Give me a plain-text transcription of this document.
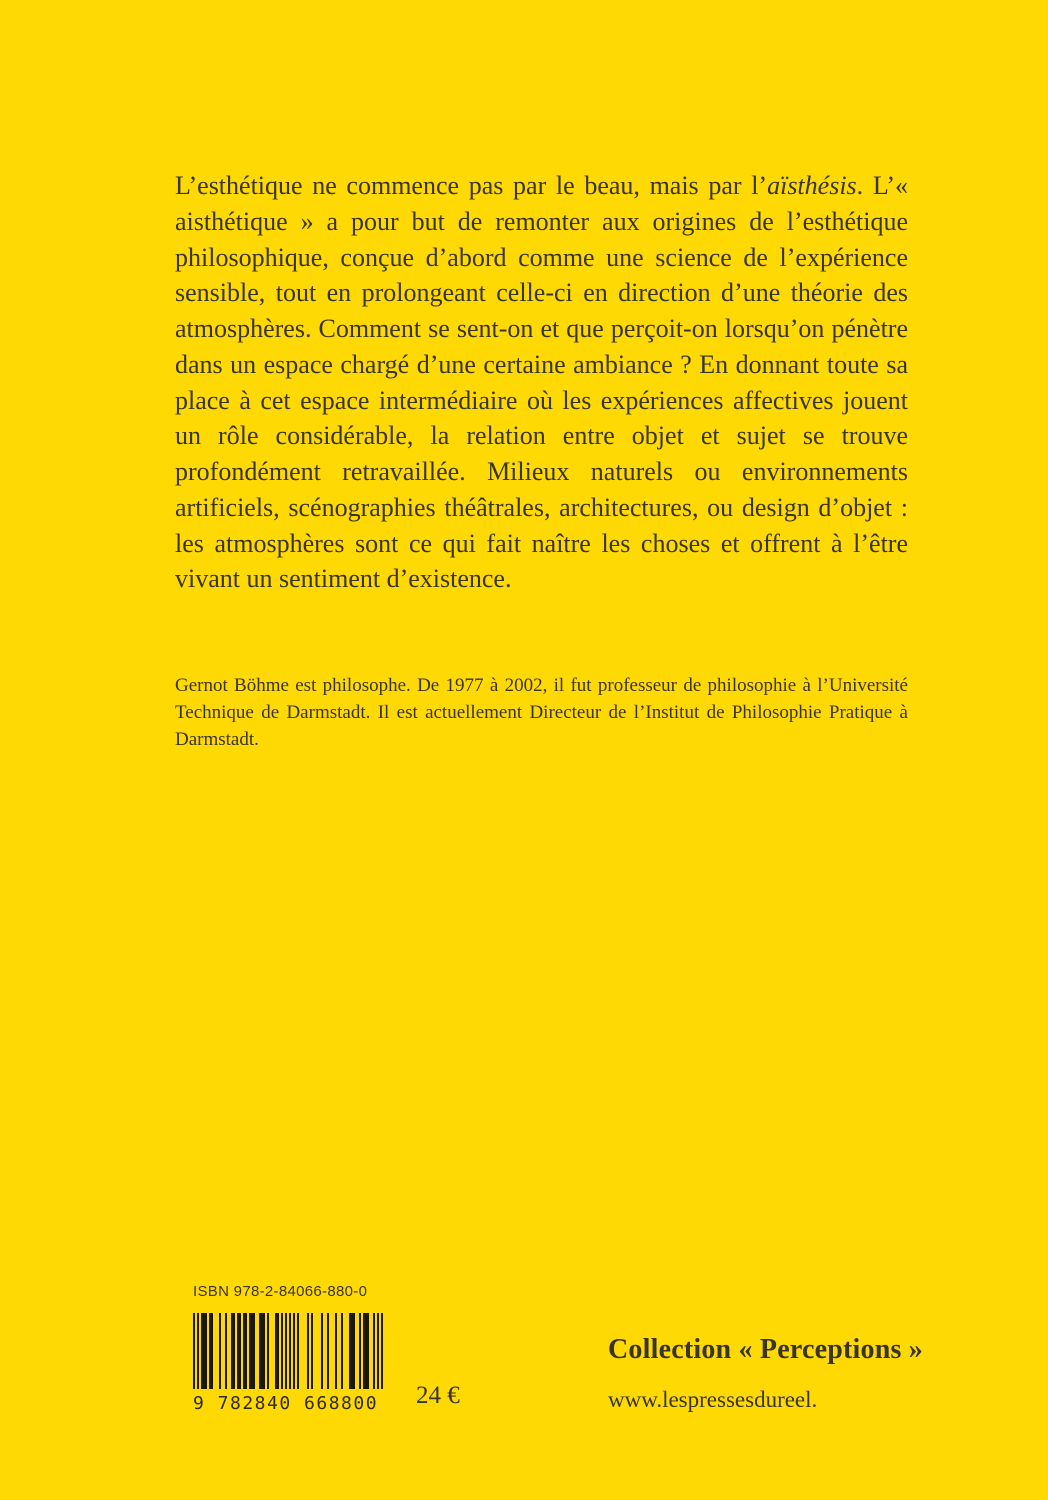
L’esthétique ne commence pas par le beau, mais par l’aïsthésis. L’« aisthétique » a pour but de remonter aux origines de l’esthétique philosophique, conçue d’abord comme une science de l’expérience sensible, tout en prolongeant celle-ci en direction d’une théorie des atmosphères. Comment se sent-on et que perçoit-on lorsqu’on pénètre dans un espace chargé d’une certaine ambiance ? En donnant toute sa place à cet espace intermédiaire où les expériences affectives jouent un rôle considérable, la relation entre objet et sujet se trouve profondément retravaillée. Milieux naturels ou environnements artificiels, scénographies théâtrales, architectures, ou design d’objet : les atmosphères sont ce qui fait naître les choses et offrent à l’être vivant un sentiment d’existence.

Gernot Böhme est philosophe. De 1977 à 2002, il fut professeur de philosophie à l’Université Technique de Darmstadt. Il est actuellement Directeur de l’Institut de Philosophie Pratique à Darmstadt.

ISBN 978-2-84066-880-0
9 782840 668800 24 €
Collection « Perceptions »
www.lespressesdureel.
